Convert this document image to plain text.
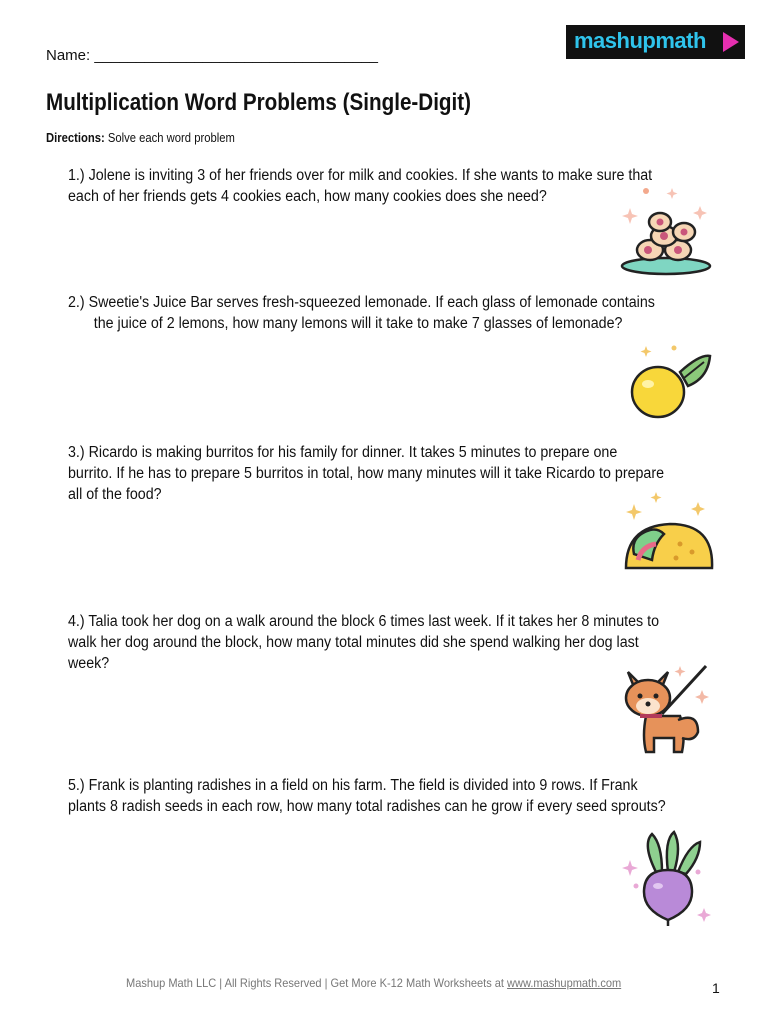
Name: __________________________________
mashupmath
Multiplication Word Problems (Single-Digit)
Directions: Solve each word problem

1.) Jolene is inviting 3 of her friends over for milk and cookies. If she wants to make sure that

each of her friends gets 4 cookies each, how many cookies does she need?

2.) Sweetie's Juice Bar serves fresh-squeezed lemonade. If each glass of lemonade contains

the juice of 2 lemons, how many lemons will it take to make 7 glasses of lemonade?

3.) Ricardo is making burritos for his family for dinner. It takes 5 minutes to prepare one

burrito. If he has to prepare 5 burritos in total, how many minutes will it take Ricardo to prepare

all of the food?

4.) Talia took her dog on a walk around the block 6 times last week. If it takes her 8 minutes to

walk her dog around the block, how many total minutes did she spend walking her dog last

week?

5.) Frank is planting radishes in a field on his farm. The field is divided into 9 rows. If Frank

plants 8 radish seeds in each row, how many total radishes can he grow if every seed sprouts?

Mashup Math LLC | All Rights Reserved | Get More K-12 Math Worksheets at www.mashupmath.com	1
